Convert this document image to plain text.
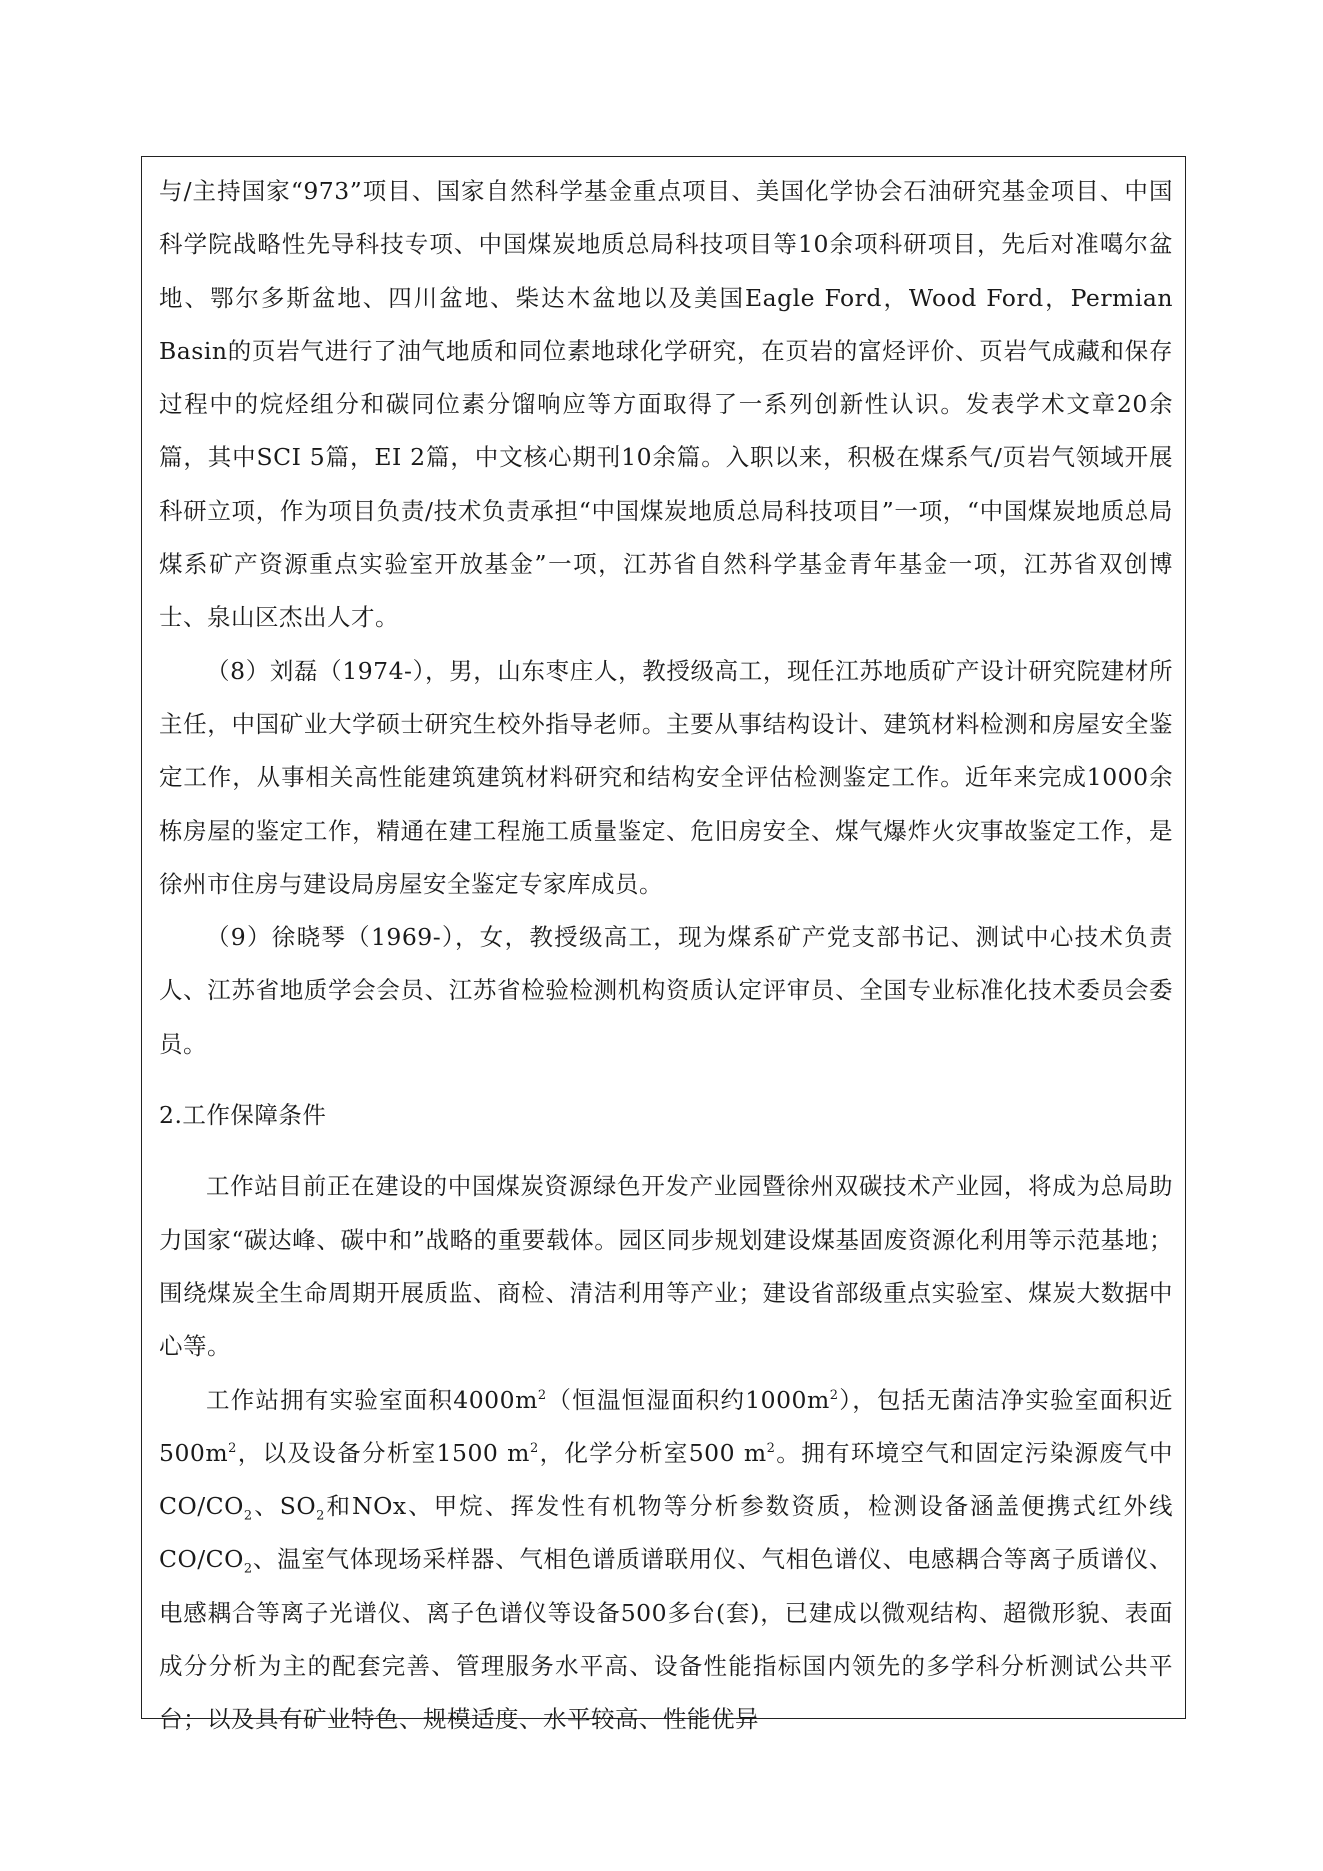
与/主持国家“973”项目、国家自然科学基金重点项目、美国化学协会石油研究基金项目、中国科学院战略性先导科技专项、中国煤炭地质总局科技项目等10余项科研项目，先后对准噶尔盆地、鄂尔多斯盆地、四川盆地、柴达木盆地以及美国Eagle Ford，Wood Ford，Permian Basin的页岩气进行了油气地质和同位素地球化学研究，在页岩的富烃评价、页岩气成藏和保存过程中的烷烃组分和碳同位素分馏响应等方面取得了一系列创新性认识。发表学术文章20余篇，其中SCI 5篇，EI 2篇，中文核心期刊10余篇。入职以来，积极在煤系气/页岩气领域开展科研立项，作为项目负责/技术负责承担“中国煤炭地质总局科技项目”一项，“中国煤炭地质总局煤系矿产资源重点实验室开放基金”一项，江苏省自然科学基金青年基金一项，江苏省双创博士、泉山区杰出人才。

（8）刘磊（1974-），男，山东枣庄人，教授级高工，现任江苏地质矿产设计研究院建材所主任，中国矿业大学硕士研究生校外指导老师。主要从事结构设计、建筑材料检测和房屋安全鉴定工作，从事相关高性能建筑建筑材料研究和结构安全评估检测鉴定工作。近年来完成1000余栋房屋的鉴定工作，精通在建工程施工质量鉴定、危旧房安全、煤气爆炸火灾事故鉴定工作，是徐州市住房与建设局房屋安全鉴定专家库成员。

（9）徐晓琴（1969-），女，教授级高工，现为煤系矿产党支部书记、测试中心技术负责人、江苏省地质学会会员、江苏省检验检测机构资质认定评审员、全国专业标准化技术委员会委员。

2.工作保障条件

工作站目前正在建设的中国煤炭资源绿色开发产业园暨徐州双碳技术产业园，将成为总局助力国家“碳达峰、碳中和”战略的重要载体。园区同步规划建设煤基固废资源化利用等示范基地；围绕煤炭全生命周期开展质监、商检、清洁利用等产业；建设省部级重点实验室、煤炭大数据中心等。

工作站拥有实验室面积$4000m^2$（恒温恒湿面积约$1000m^2$），包括无菌洁净实验室面积近$500m^2$，以及设备分析室1500 $m^2$，化学分析室500 $m^2$。拥有环境空气和固定污染源废气中$CO/CO_2$、$SO_2$和NOx、甲烷、挥发性有机物等分析参数资质，检测设备涵盖便携式红外线$CO/CO_2$、温室气体现场采样器、气相色谱质谱联用仪、气相色谱仪、电感耦合等离子质谱仪、电感耦合等离子光谱仪、离子色谱仪等设备500多台(套)，已建成以微观结构、超微形貌、表面成分分析为主的配套完善、管理服务水平高、设备性能指标国内领先的多学科分析测试公共平台；以及具有矿业特色、规模适度、水平较高、性能优异
